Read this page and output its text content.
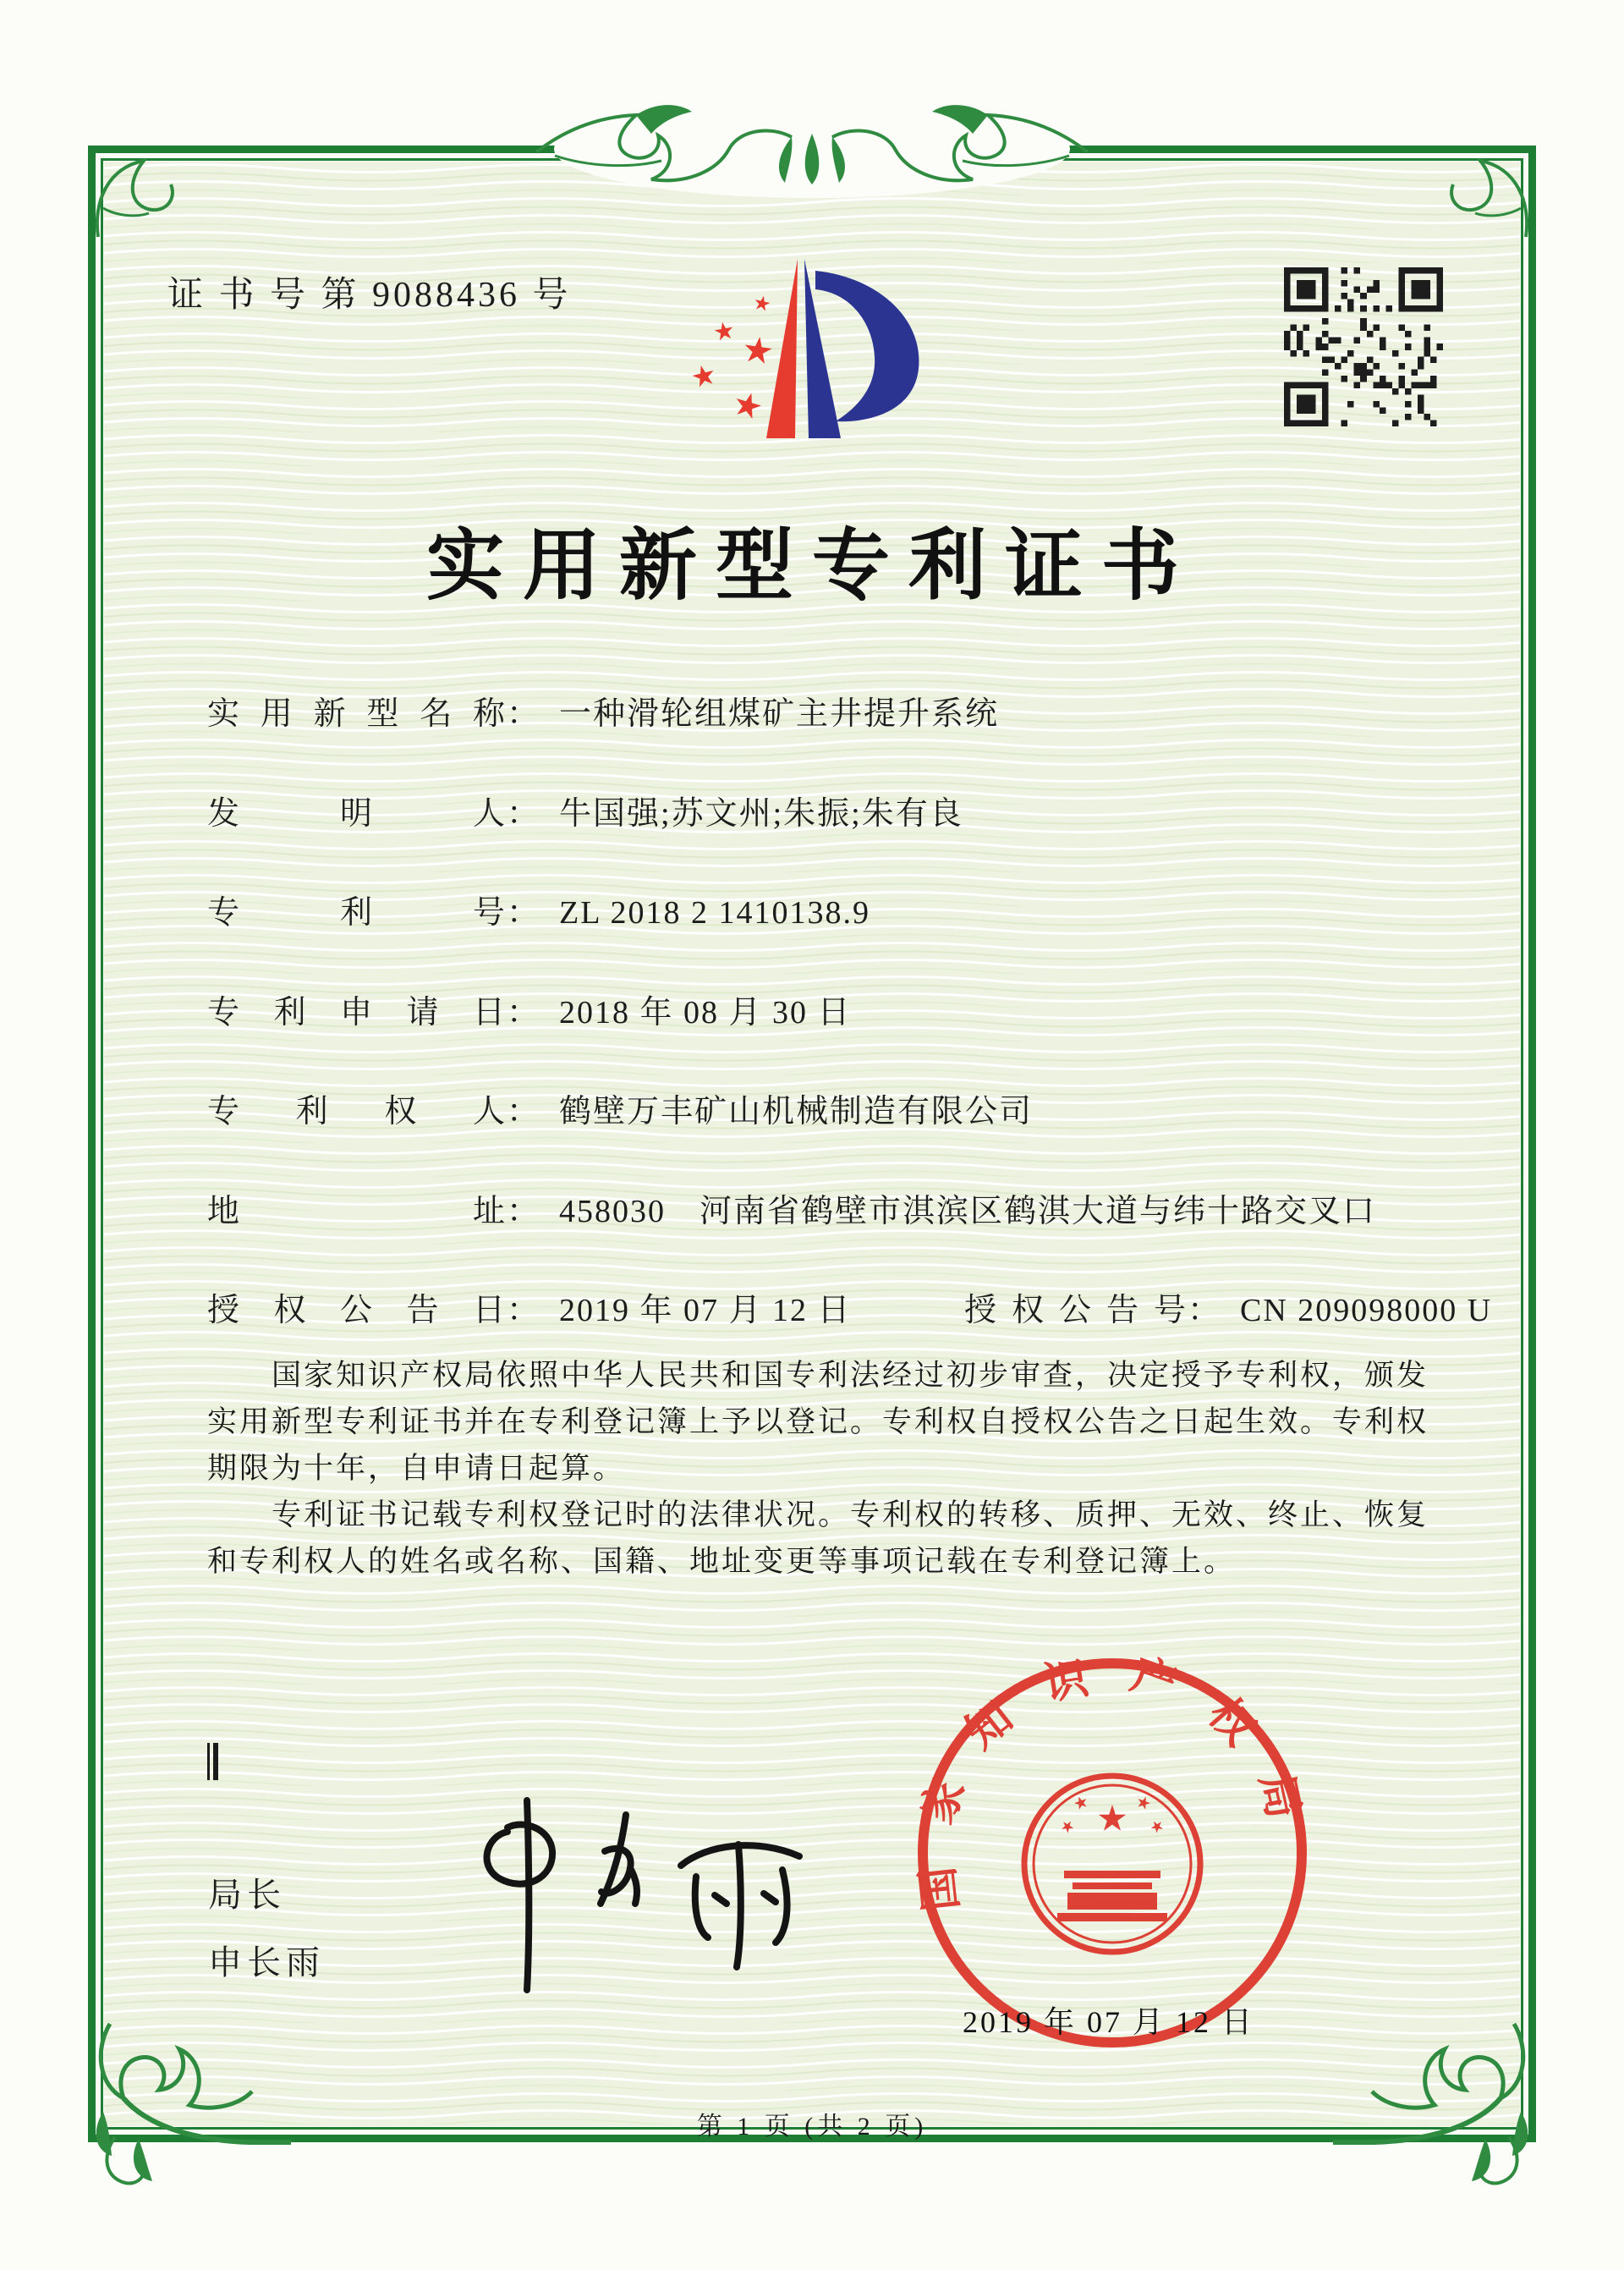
证 书 号 第 9088436 号
实用新型专利证书
实用新型名称： 一种滑轮组煤矿主井提升系统
发明人： 牛国强;苏文州;朱振;朱有良
专利号： ZL 2018 2 1410138.9
专利申请日： 2018 年 08 月 30 日
专利权人： 鹤壁万丰矿山机械制造有限公司
地址： 458030　河南省鹤壁市淇滨区鹤淇大道与纬十路交叉口
授权公告日： 2019 年 07 月 12 日	授权公告号： CN 209098000 U

国家知识产权局依照中华人民共和国专利法经过初步审查，决定授予专利权，颁发实用新型专利证书并在专利登记簿上予以登记。专利权自授权公告之日起生效。专利权期限为十年，自申请日起算。

专利证书记载专利权登记时的法律状况。专利权的转移、质押、无效、终止、恢复和专利权人的姓名或名称、国籍、地址变更等事项记载在专利登记簿上。

局长
申长雨
国家知识产权局
2019 年 07 月 12 日
第 1 页 (共 2 页)
